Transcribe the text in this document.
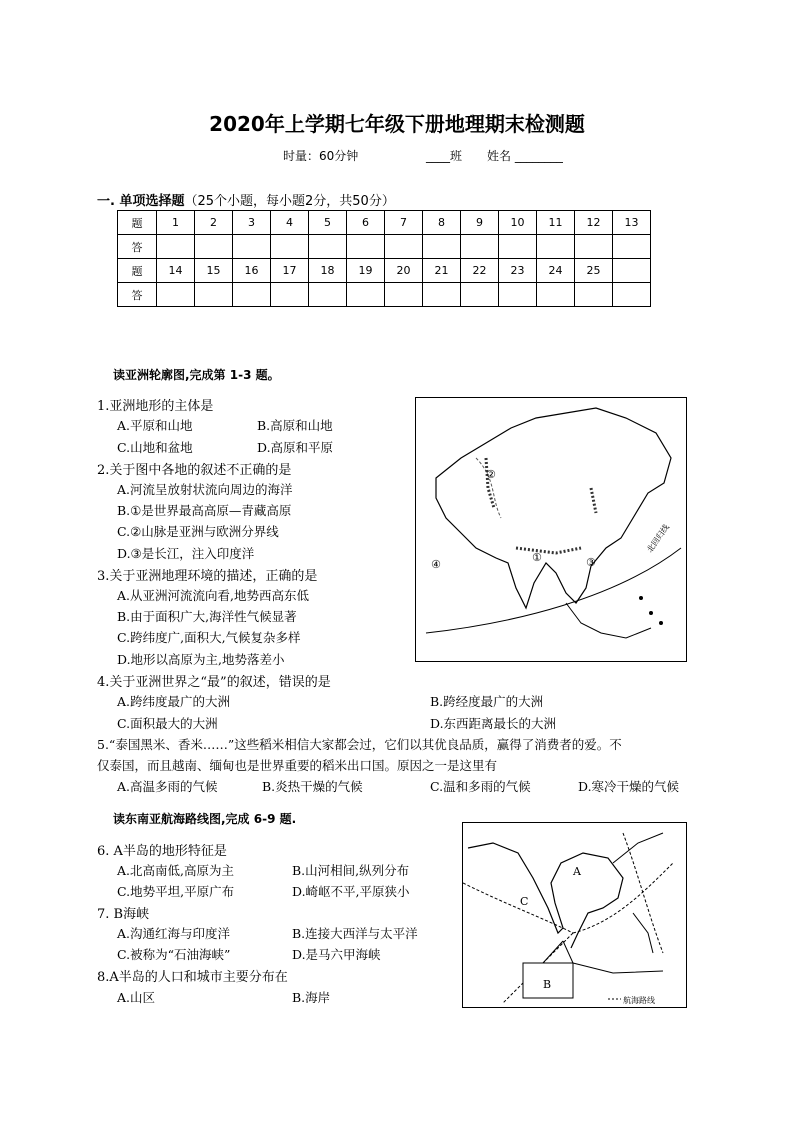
2020年上学期七年级下册地理期末检测题
时量：60分钟	____班 姓名 ________
一. 单项选择题（25个小题，每小题2分，共50分）
题	1	2	3	4	5	6	7	8	9	10	11	12	13
答													
题	14	15	16	17	18	19	20	21	22	23	24	25	
答													
读亚洲轮廓图,完成第 1-3 题。
1.亚洲地形的主体是
A.平原和山地	B.高原和山地
C.山地和盆地	D.高原和平原
2.关于图中各地的叙述不正确的是
A.河流呈放射状流向周边的海洋
B.①是世界最高高原—青藏高原
C.②山脉是亚洲与欧洲分界线
D.③是长江，注入印度洋
3.关于亚洲地理环境的描述，正确的是
A.从亚洲河流流向看,地势西高东低
B.由于面积广大,海洋性气候显著
C.跨纬度广,面积大,气候复杂多样
D.地形以高原为主,地势落差小
4.关于亚洲世界之“最”的叙述，错误的是
A.跨纬度最广的大洲	B.跨经度最广的大洲
C.面积最大的大洲	D.东西距离最长的大洲
5.“泰国黑米、香米……”这些稻米相信大家都会过，它们以其优良品质，赢得了消费者的爱。不
仅泰国，而且越南、缅甸也是世界重要的稻米出口国。原因之一是这里有
A.高温多雨的气候	B.炎热干燥的气候	C.温和多雨的气候	D.寒冷干燥的气候
读东南亚航海路线图,完成 6-9 题.
6. A半岛的地形特征是
A.北高南低,高原为主	B.山河相间,纵列分布
C.地势平坦,平原广布	D.崎岖不平,平原狭小
7. B海峡
A.沟通红海与印度洋	B.连接大西洋与太平洋
C.被称为“石油海峡”	D.是马六甲海峡
8.A半岛的人口和城市主要分布在
A.山区	B.海岸
①
②
③
④
北回归线
A
B
C
航海路线
